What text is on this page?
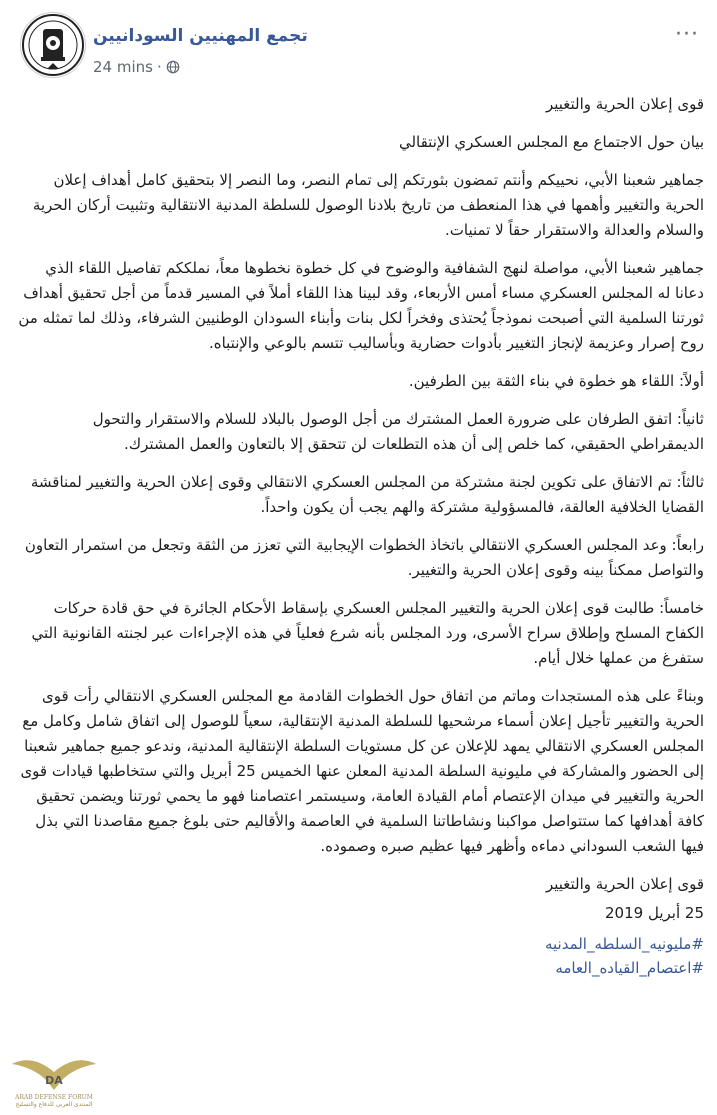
تجمع المهنيين السودانيين
24 mins ·
···

قوى إعلان الحرية والتغيير

بيان حول الاجتماع مع المجلس العسكري الإنتقالي

جماهير شعبنا الأبي، نحييكم وأنتم تمضون بثورتكم إلى تمام النصر، وما النصر إلا بتحقيق كامل أهداف إعلان الحرية والتغيير وأهمها في هذا المنعطف من تاريخ بلادنا الوصول للسلطة المدنية الانتقالية وتثبيت أركان الحرية والسلام والعدالة والاستقرار حقاً لا تمنيات.

جماهير شعبنا الأبي، مواصلة لنهج الشفافية والوضوح في كل خطوة نخطوها معاً، نملككم تفاصيل اللقاء الذي دعانا له المجلس العسكري مساء أمس الأربعاء، وقد لبينا هذا اللقاء أملاً في المسير قدماً من أجل تحقيق أهداف ثورتنا السلمية التي أصبحت نموذجاً يُحتذى وفخراً لكل بنات وأبناء السودان الوطنيين الشرفاء، وذلك لما تمثله من روح إصرار وعزيمة لإنجاز التغيير بأدوات حضارية وبأساليب تتسم بالوعي والإنتباه.

أولاً: اللقاء هو خطوة في بناء الثقة بين الطرفين.

ثانياً: اتفق الطرفان على ضرورة العمل المشترك من أجل الوصول بالبلاد للسلام والاستقرار والتحول الديمقراطي الحقيقي، كما خلص إلى أن هذه التطلعات لن تتحقق إلا بالتعاون والعمل المشترك.

ثالثاً: تم الاتفاق على تكوين لجنة مشتركة من المجلس العسكري الانتقالي وقوى إعلان الحرية والتغيير لمناقشة القضايا الخلافية العالقة، فالمسؤولية مشتركة والهم يجب أن يكون واحداً.

رابعاً: وعد المجلس العسكري الانتقالي باتخاذ الخطوات الإيجابية التي تعزز من الثقة وتجعل من استمرار التعاون والتواصل ممكناً بينه وقوى إعلان الحرية والتغيير.

خامساً: طالبت قوى إعلان الحرية والتغيير المجلس العسكري بإسقاط الأحكام الجائرة في حق قادة حركات الكفاح المسلح وإطلاق سراح الأسرى، ورد المجلس بأنه شرع فعلياً في هذه الإجراءات عبر لجنته القانونية التي ستفرغ من عملها خلال أيام.

وبناءً على هذه المستجدات وماتم من اتفاق حول الخطوات القادمة مع المجلس العسكري الانتقالي رأت قوى الحرية والتغيير تأجيل إعلان أسماء مرشحيها للسلطة المدنية الإنتقالية، سعياً للوصول إلى اتفاق شامل وكامل مع المجلس العسكري الانتقالي يمهد للإعلان عن كل مستويات السلطة الإنتقالية المدنية، وندعو جميع جماهير شعبنا إلى الحضور والمشاركة في مليونية السلطة المدنية المعلن عنها الخميس 25 أبريل والتي ستخاطبها قيادات قوى الحرية والتغيير في ميدان الإعتصام أمام القيادة العامة، وسيستمر اعتصامنا فهو ما يحمي ثورتنا ويضمن تحقيق كافة أهدافها كما ستتواصل مواكبنا ونشاطاتنا السلمية في العاصمة والأقاليم حتى بلوغ جميع مقاصدنا التي بذل فيها الشعب السوداني دماءه وأظهر فيها عظيم صبره وصموده.

قوى إعلان الحرية والتغيير

25 أبريل 2019

#مليونيه_السلطه_المدنيه
#اعتصام_القياده_العامه
DA
ARAB DEFENSE FORUM
المنتدى العربي للدفاع والتسليح
